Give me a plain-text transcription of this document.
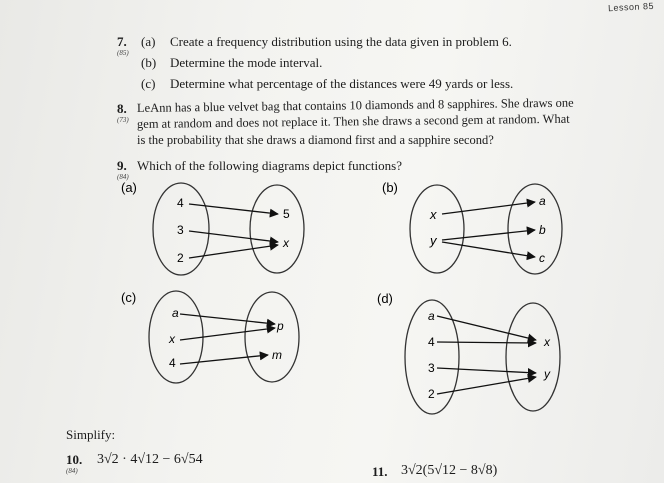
Lesson 85
7.
(85)
(a) Create a frequency distribution using the data given in problem 6.
(b) Determine the mode interval.
(c) Determine what percentage of the distances were 49 yards or less.
8.
(73)
LeAnn has a blue velvet bag that contains 10 diamonds and 8 sapphires. She draws one
gem at random and does not replace it. Then she draws a second gem at random. What
is the probability that she draws a diamond first and a sapphire second?
9.
(84)
Which of the following diagrams depict functions?
(a)
4
3
2
5
x
(b)
x
y
a
b
c
(c)
a
x
4
p
m
(d)
a
4
3
2
x
y
Simplify:
10.
(84)
3√2 · 4√12 − 6√54
11. 3√2(5√12 − 8√8)
